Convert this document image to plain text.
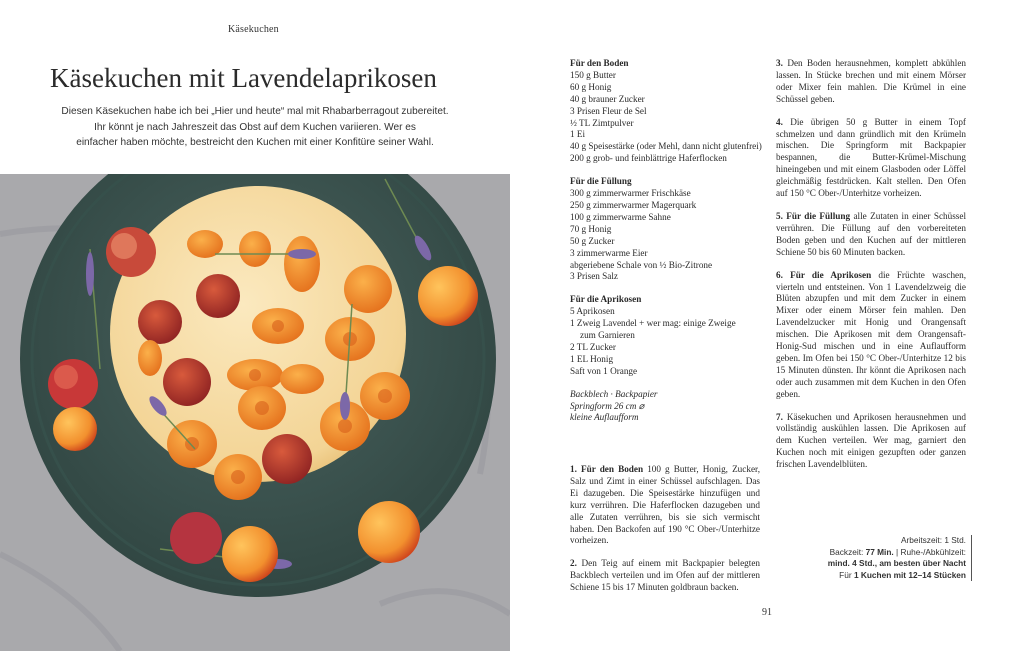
Käsekuchen
Käsekuchen mit Lavendelaprikosen
Diesen Käsekuchen habe ich bei „Hier und heute“ mal mit Rhabarberragout zubereitet.
Ihr könnt je nach Jahreszeit das Obst auf dem Kuchen variieren. Wer es
einfacher haben möchte, bestreicht den Kuchen mit einer Konfitüre seiner Wahl.
Für den Boden
150 g Butter
60 g Honig
40 g brauner Zucker
3 Prisen Fleur de Sel
½ TL Zimtpulver
1 Ei
40 g Speisestärke (oder Mehl, dann nicht glutenfrei)
200 g grob- und feinblättrige Haferflocken
Für die Füllung
300 g zimmerwarmer Frischkäse
250 g zimmerwarmer Magerquark
100 g zimmerwarme Sahne
70 g Honig
50 g Zucker
3 zimmerwarme Eier
abgeriebene Schale von ½ Bio-Zitrone
3 Prisen Salz
Für die Aprikosen
5 Aprikosen
1 Zweig Lavendel + wer mag: einige Zweige
zum Garnieren
2 TL Zucker
1 EL Honig
Saft von 1 Orange
Backblech · Backpapier
Springform 26 cm ⌀
kleine Auflaufform
1. Für den Boden 100 g Butter, Honig, Zucker, Salz und Zimt in einer Schüssel aufschlagen. Das Ei dazugeben. Die Speisestärke hinzufügen und kurz verrühren. Die Haferflocken dazugeben und alle Zutaten verrühren, bis sie sich vermischt haben. Den Backofen auf 190 °C Ober-/Unterhitze vorheizen.
2. Den Teig auf einem mit Backpapier belegten Backblech verteilen und im Ofen auf der mittleren Schiene 15 bis 17 Minuten goldbraun backen.
3. Den Boden herausnehmen, komplett abkühlen lassen. In Stücke brechen und mit einem Mörser oder Mixer fein mahlen. Die Krümel in eine Schüssel geben.
4. Die übrigen 50 g Butter in einem Topf schmelzen und dann gründlich mit den Krümeln mischen. Die Springform mit Backpapier bespannen, die Butter-Krümel-Mischung hineingeben und mit einem Glasboden oder Löffel gleichmäßig festdrücken. Kalt stellen. Den Ofen auf 150 °C Ober-/Unterhitze vorheizen.
5. Für die Füllung alle Zutaten in einer Schüssel verrühren. Die Füllung auf den vorbereiteten Boden geben und den Kuchen auf der mittleren Schiene 50 bis 60 Minuten backen.
6. Für die Aprikosen die Früchte waschen, vierteln und entsteinen. Von 1 Lavendelzweig die Blüten abzupfen und mit dem Zucker in einem Mixer oder einem Mörser fein mahlen. Den Lavendelzucker mit Honig und Orangensaft mischen. Die Aprikosen mit dem Orangensaft-Honig-Sud mischen und in eine Auflaufform geben. Im Ofen bei 150 °C Ober-/Unterhitze 12 bis 15 Minuten dünsten. Ihr könnt die Aprikosen nach oder auch zusammen mit dem Kuchen in den Ofen geben.
7. Käsekuchen und Aprikosen herausnehmen und vollständig auskühlen lassen. Die Aprikosen auf dem Kuchen verteilen. Wer mag, garniert den Kuchen noch mit einigen gezupften oder ganzen frischen Lavendelblüten.
Arbeitszeit: 1 Std.
Backzeit: 77 Min. | Ruhe-/Abkühlzeit:
mind. 4 Std., am besten über Nacht
Für 1 Kuchen mit 12–14 Stücken
91
